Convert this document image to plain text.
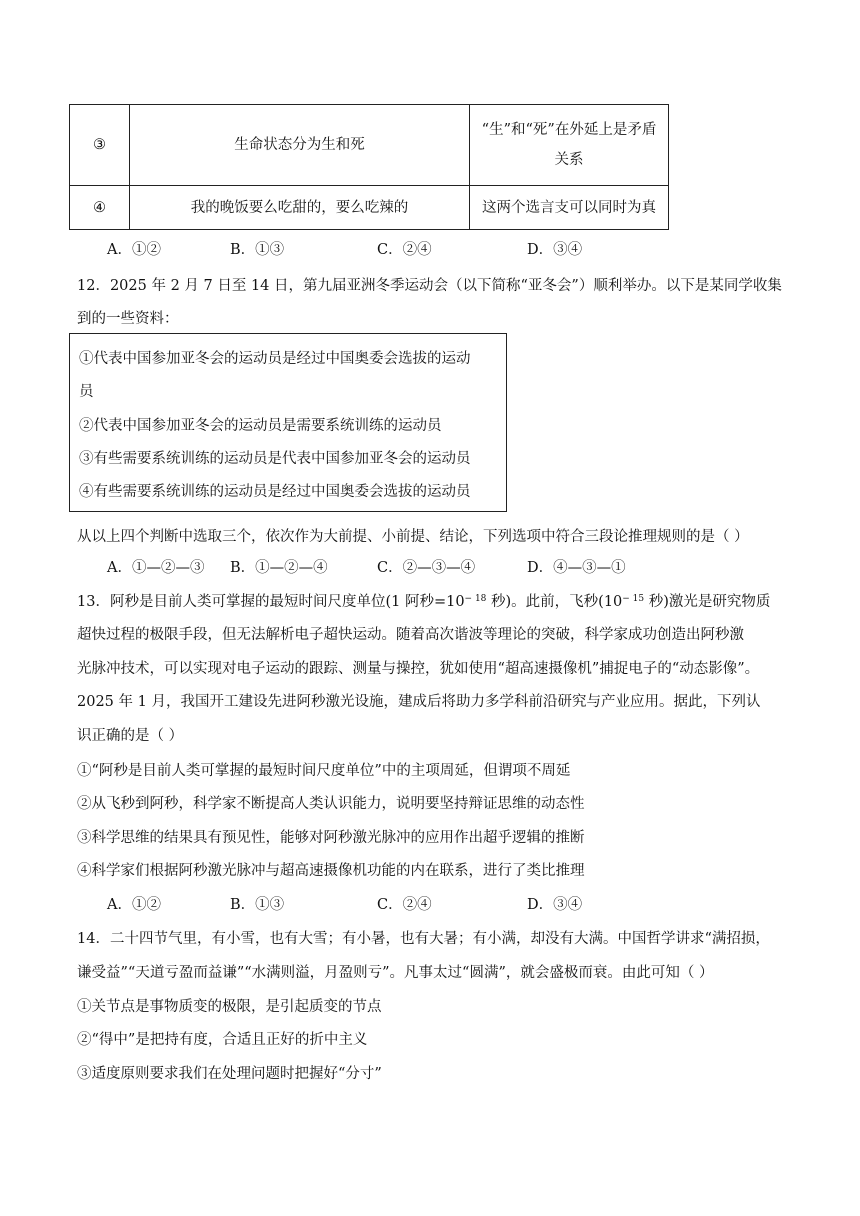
③	生命状态分为生和死	“生”和“死”在外延上是矛盾
关系

④	我的晚饭要么吃甜的，要么吃辣的	这两个选言支可以同时为真
A．①②	B．①③	C．②④	D．③④
12．2025 年 2 月 7 日至 14 日，第九届亚洲冬季运动会（以下简称“亚冬会”）顺利举办。以下是某同学收集
到的一些资料：
①代表中国参加亚冬会的运动员是经过中国奥委会选拔的运动
员
②代表中国参加亚冬会的运动员是需要系统训练的运动员
③有些需要系统训练的运动员是代表中国参加亚冬会的运动员
④有些需要系统训练的运动员是经过中国奥委会选拔的运动员
从以上四个判断中选取三个，依次作为大前提、小前提、结论，下列选项中符合三段论推理规则的是（ ）
A．①—②—③ B．①—②—④	C．②—③—④	D．④—③—①
13．阿秒是目前人类可掌握的最短时间尺度单位(1 阿秒$=10^{- 18}$ 秒)。此前，飞秒($10^{- 15}$ 秒)激光是研究物质
超快过程的极限手段，但无法解析电子超快运动。随着高次谐波等理论的突破，科学家成功创造出阿秒激
光脉冲技术，可以实现对电子运动的跟踪、测量与操控，犹如使用“超高速摄像机”捕捉电子的“动态影像”。
2025 年 1 月，我国开工建设先进阿秒激光设施，建成后将助力多学科前沿研究与产业应用。据此，下列认
识正确的是（ ）
①“阿秒是目前人类可掌握的最短时间尺度单位”中的主项周延，但谓项不周延
②从飞秒到阿秒，科学家不断提高人类认识能力，说明要坚持辩证思维的动态性
③科学思维的结果具有预见性，能够对阿秒激光脉冲的应用作出超乎逻辑的推断
④科学家们根据阿秒激光脉冲与超高速摄像机功能的内在联系，进行了类比推理
A．①②	B．①③	C．②④	D．③④
14．二十四节气里，有小雪，也有大雪；有小暑，也有大暑；有小满，却没有大满。中国哲学讲求“满招损，
谦受益”“天道亏盈而益谦”“水满则溢，月盈则亏”。凡事太过“圆满”，就会盛极而衰。由此可知（ ）
①关节点是事物质变的极限，是引起质变的节点
②“得中”是把持有度，合适且正好的折中主义
③适度原则要求我们在处理问题时把握好“分寸”
